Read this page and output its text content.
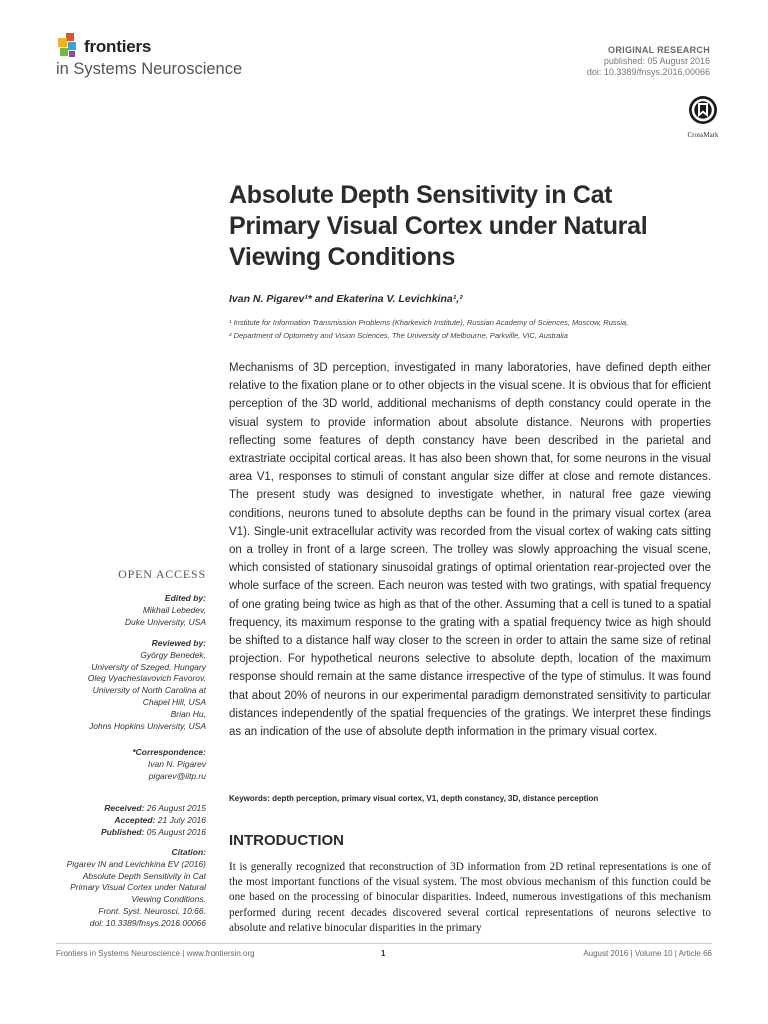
frontiers
in Systems Neuroscience
ORIGINAL RESEARCH
published: 05 August 2016
doi: 10.3389/fnsys.2016.00066
CrossMark
Absolute Depth Sensitivity in Cat
Primary Visual Cortex under Natural
Viewing Conditions
Ivan N. Pigarev¹* and Ekaterina V. Levichkina¹,²
¹ Institute for Information Transmission Problems (Kharkevich Institute), Russian Academy of Sciences, Moscow, Russia,
² Department of Optometry and Vision Sciences, The University of Melbourne, Parkville, VIC, Australia
Mechanisms of 3D perception, investigated in many laboratories, have defined depth either relative to the fixation plane or to other objects in the visual scene. It is obvious that for efficient perception of the 3D world, additional mechanisms of depth constancy could operate in the visual system to provide information about absolute distance. Neurons with properties reflecting some features of depth constancy have been described in the parietal and extrastriate occipital cortical areas. It has also been shown that, for some neurons in the visual area V1, responses to stimuli of constant angular size differ at close and remote distances. The present study was designed to investigate whether, in natural free gaze viewing conditions, neurons tuned to absolute depths can be found in the primary visual cortex (area V1). Single-unit extracellular activity was recorded from the visual cortex of waking cats sitting on a trolley in front of a large screen. The trolley was slowly approaching the visual scene, which consisted of stationary sinusoidal gratings of optimal orientation rear-projected over the whole surface of the screen. Each neuron was tested with two gratings, with spatial frequency of one grating being twice as high as that of the other. Assuming that a cell is tuned to a spatial frequency, its maximum response to the grating with a spatial frequency twice as high should be shifted to a distance half way closer to the screen in order to attain the same size of retinal projection. For hypothetical neurons selective to absolute depth, location of the maximum response should remain at the same distance irrespective of the type of stimulus. It was found that about 20% of neurons in our experimental paradigm demonstrated sensitivity to particular distances independently of the spatial frequencies of the gratings. We interpret these findings as an indication of the use of absolute depth information in the primary visual cortex.
Keywords: depth perception, primary visual cortex, V1, depth constancy, 3D, distance perception
INTRODUCTION
It is generally recognized that reconstruction of 3D information from 2D retinal representations is one of the most important functions of the visual system. The most obvious mechanism of this function could be one based on the processing of binocular disparities. Indeed, numerous investigations of this mechanism performed during recent decades discovered several cortical representations of neurons selective to absolute and relative binocular disparities in the primary
OPEN ACCESS
Edited by:
Mikhail Lebedev,
Duke University, USA
Reviewed by:
György Benedek,
University of Szeged, Hungary
Oleg Vyacheslavovich Favorov,
University of North Carolina at
Chapel Hill, USA
Brian Hu,
Johns Hopkins University, USA
*Correspondence:
Ivan N. Pigarev
pigarev@iitp.ru
Received: 26 August 2015
Accepted: 21 July 2016
Published: 05 August 2016
Citation:
Pigarev IN and Levichkina EV (2016)
Absolute Depth Sensitivity in Cat
Primary Visual Cortex under Natural
Viewing Conditions.
Front. Syst. Neurosci. 10:66.
doi: 10.3389/fnsys.2016.00066
Frontiers in Systems Neuroscience | www.frontiersin.org	1	August 2016 | Volume 10 | Article 66
